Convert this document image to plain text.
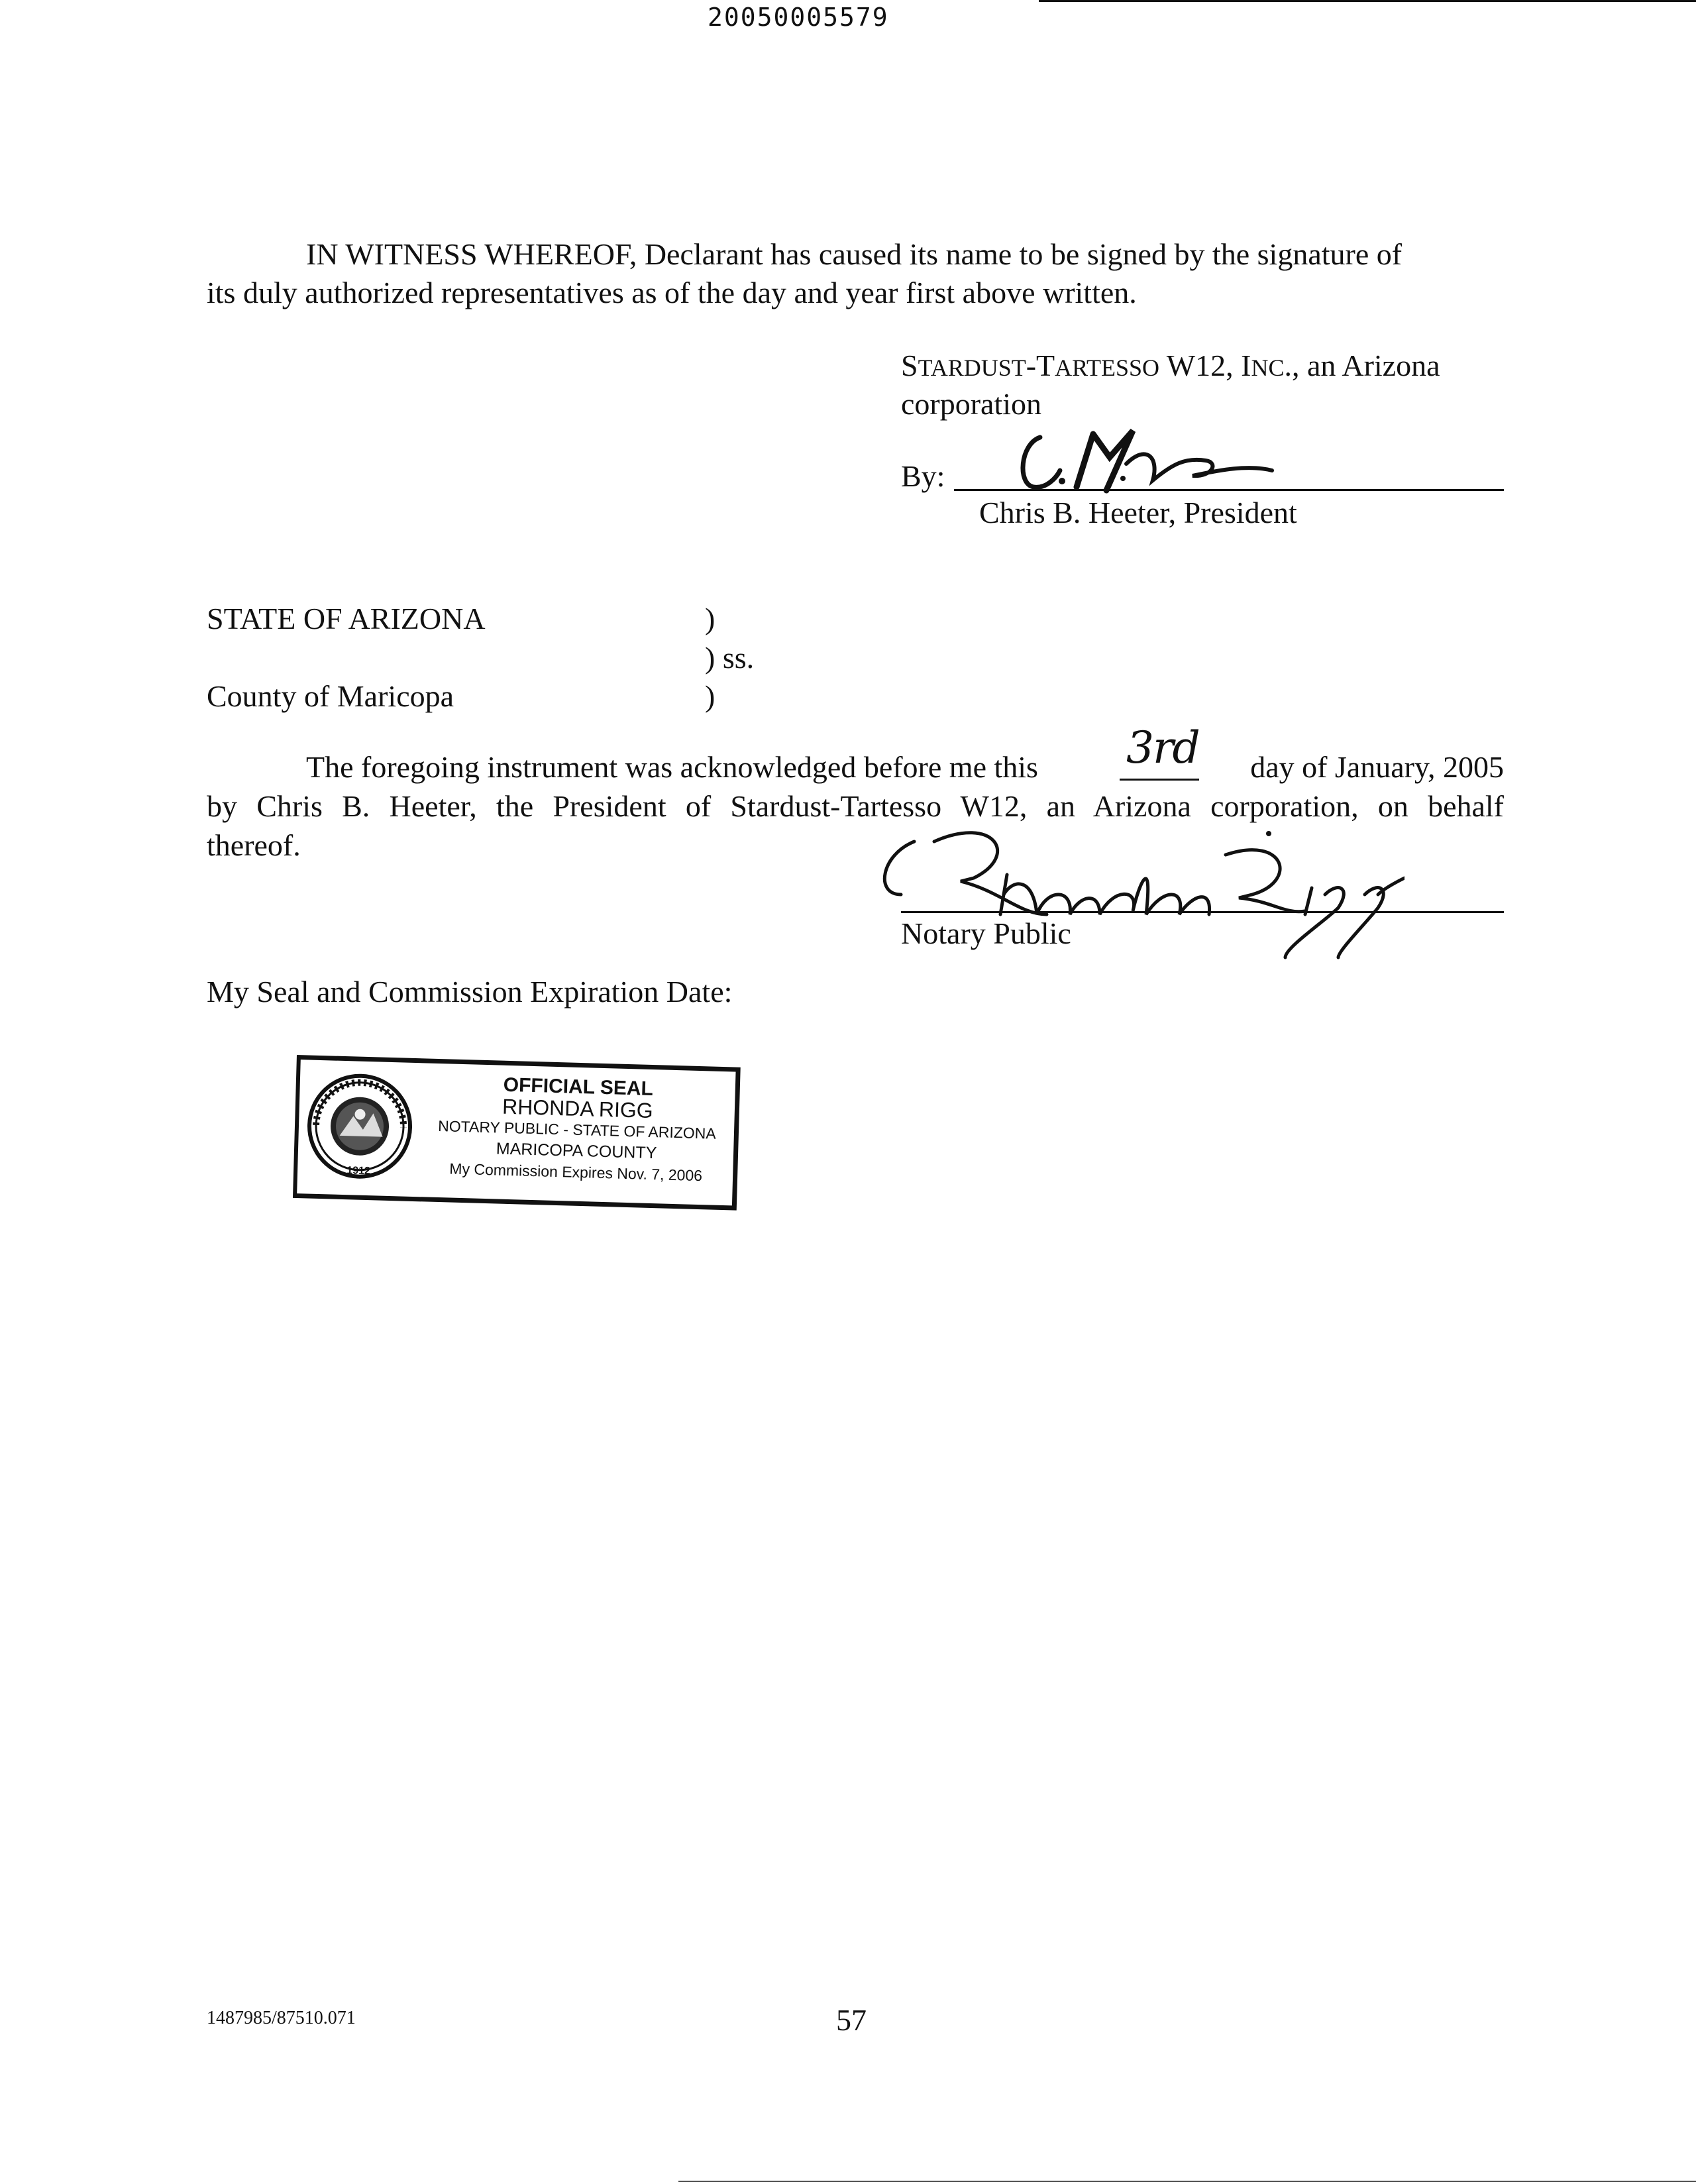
20050005579
IN WITNESS WHEREOF, Declarant has caused its name to be signed by the signature of
its duly authorized representatives as of the day and year first above written.
STARDUST-TARTESSO W12, INC., an Arizona
corporation
By:
Chris B. Heeter, President
STATE OF ARIZONA
County of Maricopa
)
) ss.
)
The foregoing instrument was acknowledged before me this	day of January, 2005
3rd
by Chris B. Heeter, the President of Stardust-Tartesso W12, an Arizona corporation, on behalf
thereof.
Notary Public
My Seal and Commission Expiration Date:
1912
OFFICIAL SEAL
RHONDA RIGG
NOTARY PUBLIC - STATE OF ARIZONA
MARICOPA COUNTY
My Commission Expires Nov. 7, 2006
1487985/87510.071	57
